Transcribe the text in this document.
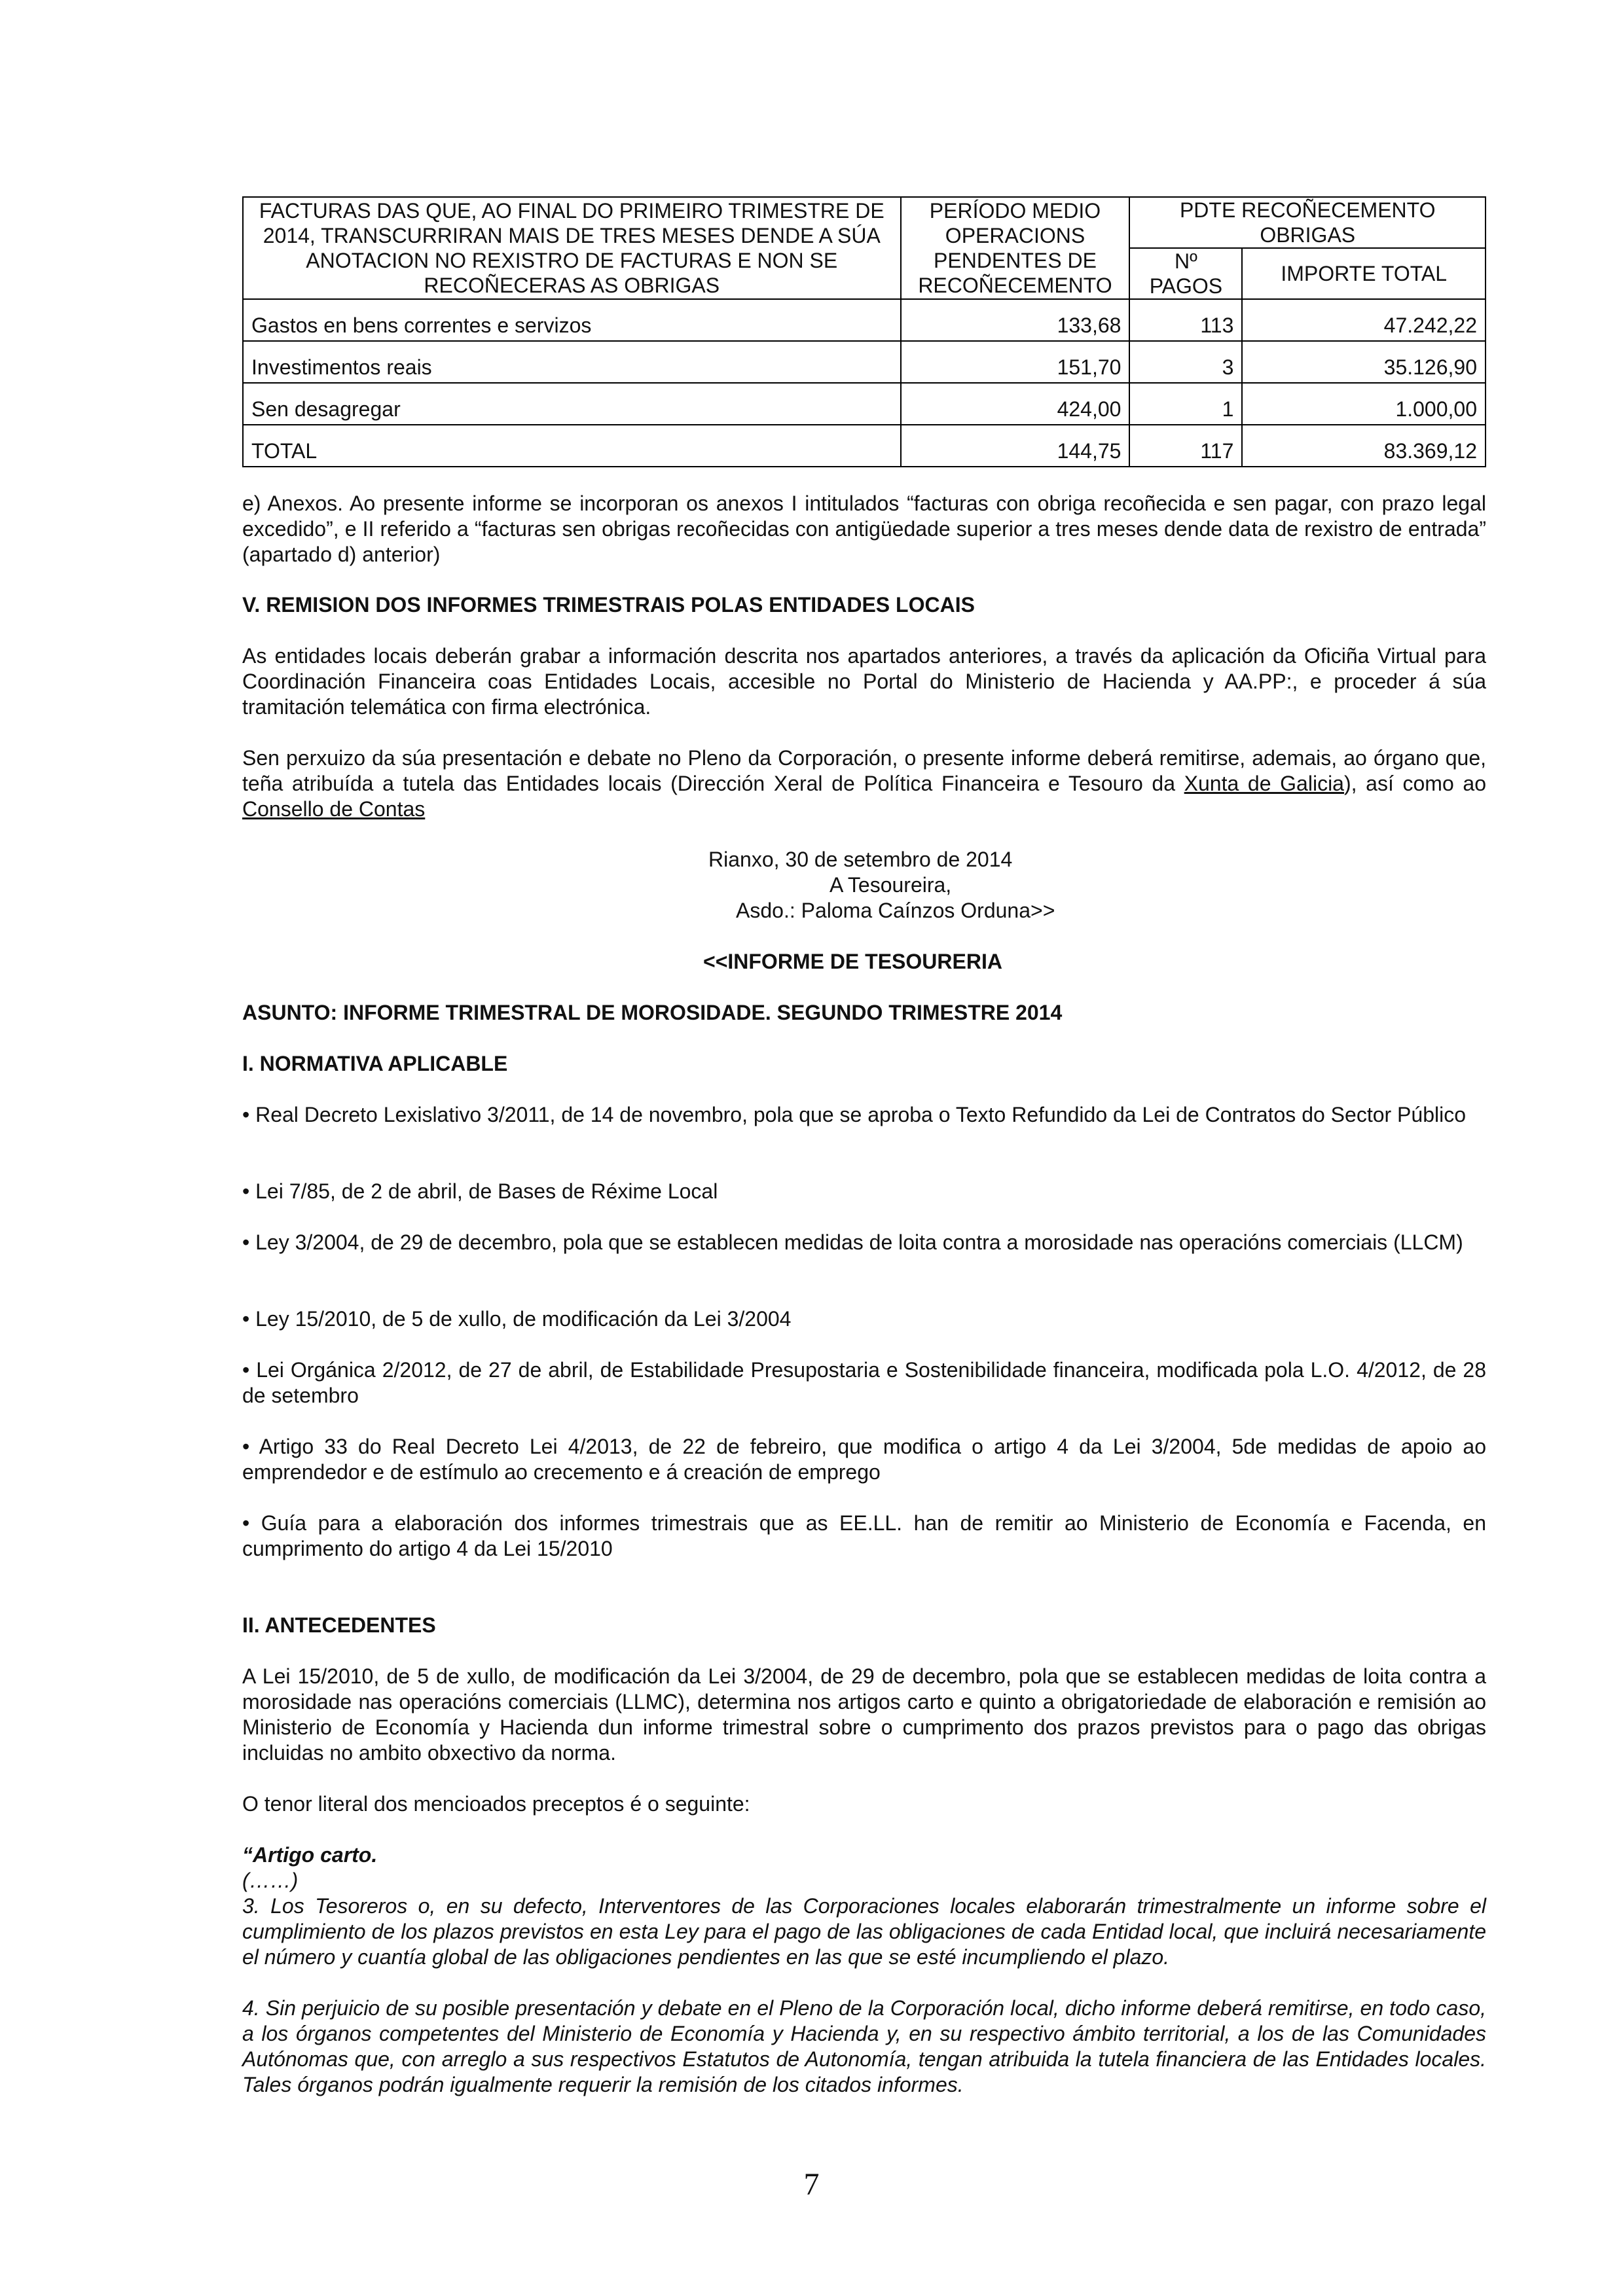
FACTURAS DAS QUE, AO FINAL DO PRIMEIRO TRIMESTRE DE 2014, TRANSCURRIRAN MAIS DE TRES MESES DENDE A SÚA ANOTACION NO REXISTRO DE FACTURAS E NON SE RECOÑECERAS AS OBRIGAS	PERÍODO MEDIO OPERACIONS PENDENTES DE RECOÑECEMENTO	PDTE RECOÑECEMENTO OBRIGAS	
		Nº PAGOS	IMPORTE TOTAL
Gastos en bens correntes e servizos	133,68	113	47.242,22
Investimentos reais	151,70	3	35.126,90
Sen desagregar	424,00	1	1.000,00
TOTAL	144,75	117	83.369,12

e) Anexos. Ao presente informe se incorporan os anexos I intitulados “facturas con obriga recoñecida e sen pagar, con prazo legal excedido”, e II referido a “facturas sen obrigas recoñecidas con antigüedade superior a tres meses dende data de rexistro de entrada” (apartado d) anterior)

V. REMISION DOS INFORMES TRIMESTRAIS POLAS ENTIDADES LOCAIS

As entidades locais deberán grabar a información descrita nos apartados anteriores, a través da aplicación da Oficiña Virtual para Coordinación Financeira coas Entidades Locais, accesible no Portal do Ministerio de Hacienda y AA.PP:, e proceder á súa tramitación telemática con firma electrónica.

Sen perxuizo da súa presentación e debate no Pleno da Corporación, o presente informe deberá remitirse, ademais, ao órgano que, teña atribuída a tutela das Entidades locais (Dirección Xeral de Política Financeira e Tesouro da Xunta de Galicia), así como ao Consello de Contas

Rianxo, 30 de setembro de 2014
A Tesoureira,
Asdo.: Paloma Caínzos Orduna>>
<<INFORME DE TESOURERIA

ASUNTO: INFORME TRIMESTRAL DE MOROSIDADE. SEGUNDO TRIMESTRE 2014

I. NORMATIVA APLICABLE

• Real Decreto Lexislativo 3/2011, de 14 de novembro, pola que se aproba o Texto Refundido da Lei de Contratos do Sector Público

• Lei 7/85, de 2 de abril, de Bases de Réxime Local

• Ley 3/2004, de 29 de decembro, pola que se establecen medidas de loita contra a morosidade nas operacións comerciais (LLCM)

• Ley 15/2010, de 5 de xullo, de modificación da Lei 3/2004

• Lei Orgánica 2/2012, de 27 de abril, de Estabilidade Presupostaria e Sostenibilidade financeira, modificada pola L.O. 4/2012, de 28 de setembro

• Artigo 33 do Real Decreto Lei 4/2013, de 22 de febreiro, que modifica o artigo 4 da Lei 3/2004, 5de medidas de apoio ao emprendedor e de estímulo ao crecemento e á creación de emprego

• Guía para a elaboración dos informes trimestrais que as EE.LL. han de remitir ao Ministerio de Economía e Facenda, en cumprimento do artigo 4 da Lei 15/2010

II. ANTECEDENTES

A Lei 15/2010, de 5 de xullo, de modificación da Lei 3/2004, de 29 de decembro, pola que se establecen medidas de loita contra a morosidade nas operacións comerciais (LLMC), determina nos artigos carto e quinto a obrigatoriedade de elaboración e remisión ao Ministerio de Economía y Hacienda dun informe trimestral sobre o cumprimento dos prazos previstos para o pago das obrigas incluidas no ambito obxectivo da norma.

O tenor literal dos mencioados preceptos é o seguinte:

“Artigo carto.

(……)

3. Los Tesoreros o, en su defecto, Interventores de las Corporaciones locales elaborarán trimestralmente un informe sobre el cumplimiento de los plazos previstos en esta Ley para el pago de las obligaciones de cada Entidad local, que incluirá necesariamente el número y cuantía global de las obligaciones pendientes en las que se esté incumpliendo el plazo.

4. Sin perjuicio de su posible presentación y debate en el Pleno de la Corporación local, dicho informe deberá remitirse, en todo caso, a los órganos competentes del Ministerio de Economía y Hacienda y, en su respectivo ámbito territorial, a los de las Comunidades Autónomas que, con arreglo a sus respectivos Estatutos de Autonomía, tengan atribuida la tutela financiera de las Entidades locales. Tales órganos podrán igualmente requerir la remisión de los citados informes.

7
